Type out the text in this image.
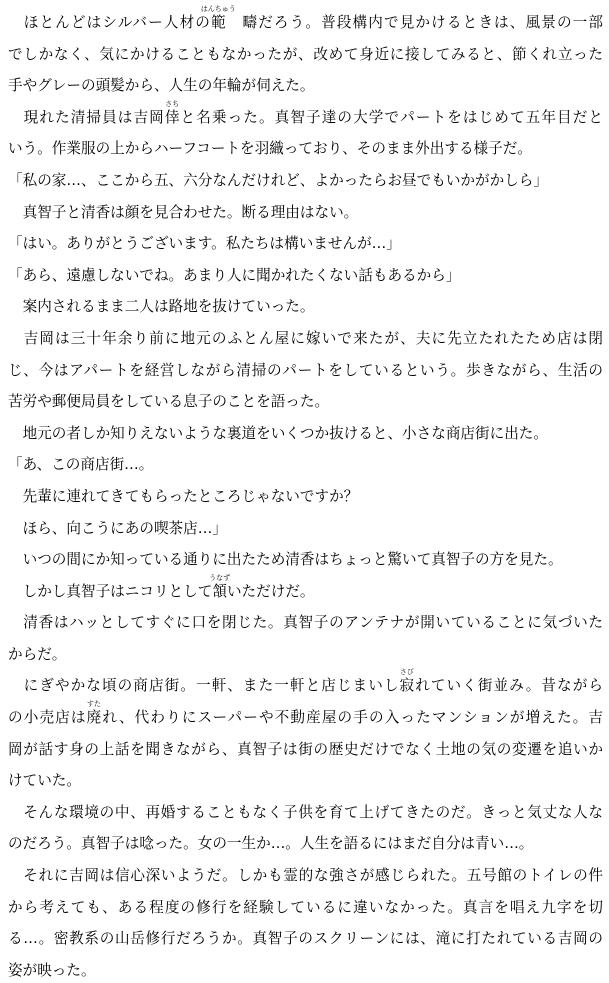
　ほとんどはシルバー人材の範
はんちゅう
　疇だろう。普段構内で見かけるときは、風景の一部
でしかなく、気にかけることもなかったが、改めて身近に接してみると、節くれ立った
手やグレーの頭髪から、人生の年輪が伺えた。
　現れた清掃員は吉岡倖
さち
と名乗った。真智子達の大学でパートをはじめて五年目だと
いう。作業服の上からハーフコートを羽織っており、そのまま外出する様子だ。
「私の家…、ここから五、六分なんだけれど、よかったらお昼でもいかがかしら」
　真智子と清香は顔を見合わせた。断る理由はない。
「はい。ありがとうございます。私たちは構いませんが…」
「あら、遠慮しないでね。あまり人に聞かれたくない話もあるから」
　案内されるまま二人は路地を抜けていった。
　吉岡は三十年余り前に地元のふとん屋に嫁いで来たが、夫に先立たれたため店は閉
じ、今はアパートを経営しながら清掃のパートをしているという。歩きながら、生活の
苦労や郵便局員をしている息子のことを語った。
　地元の者しか知りえないような裏道をいくつか抜けると、小さな商店街に出た。
「あ、この商店街…。
　先輩に連れてきてもらったところじゃないですか？
　ほら、向こうにあの喫茶店…」
　いつの間にか知っている通りに出たため清香はちょっと驚いて真智子の方を見た。
　しかし真智子はニコリとして頷
うなず
いただけだ。
　清香はハッとしてすぐに口を閉じた。真智子のアンテナが開いていることに気づいた
からだ。
　にぎやかな頃の商店街。一軒、また一軒と店じまいし寂
さび
れていく街並み。昔ながら
の小売店は廃
すた
れ、代わりにスーパーや不動産屋の手の入ったマンションが増えた。吉
岡が話す身の上話を聞きながら、真智子は街の歴史だけでなく土地の気の変遷を追いか
けていた。
　そんな環境の中、再婚することもなく子供を育て上げてきたのだ。きっと気丈な人な
のだろう。真智子は唸った。女の一生か…。人生を語るにはまだ自分は青い…。
　それに吉岡は信心深いようだ。しかも霊的な強さが感じられた。五号館のトイレの件
から考えても、ある程度の修行を経験しているに違いなかった。真言を唱え九字を切
る…。密教系の山岳修行だろうか。真智子のスクリーンには、滝に打たれている吉岡の
姿が映った。
